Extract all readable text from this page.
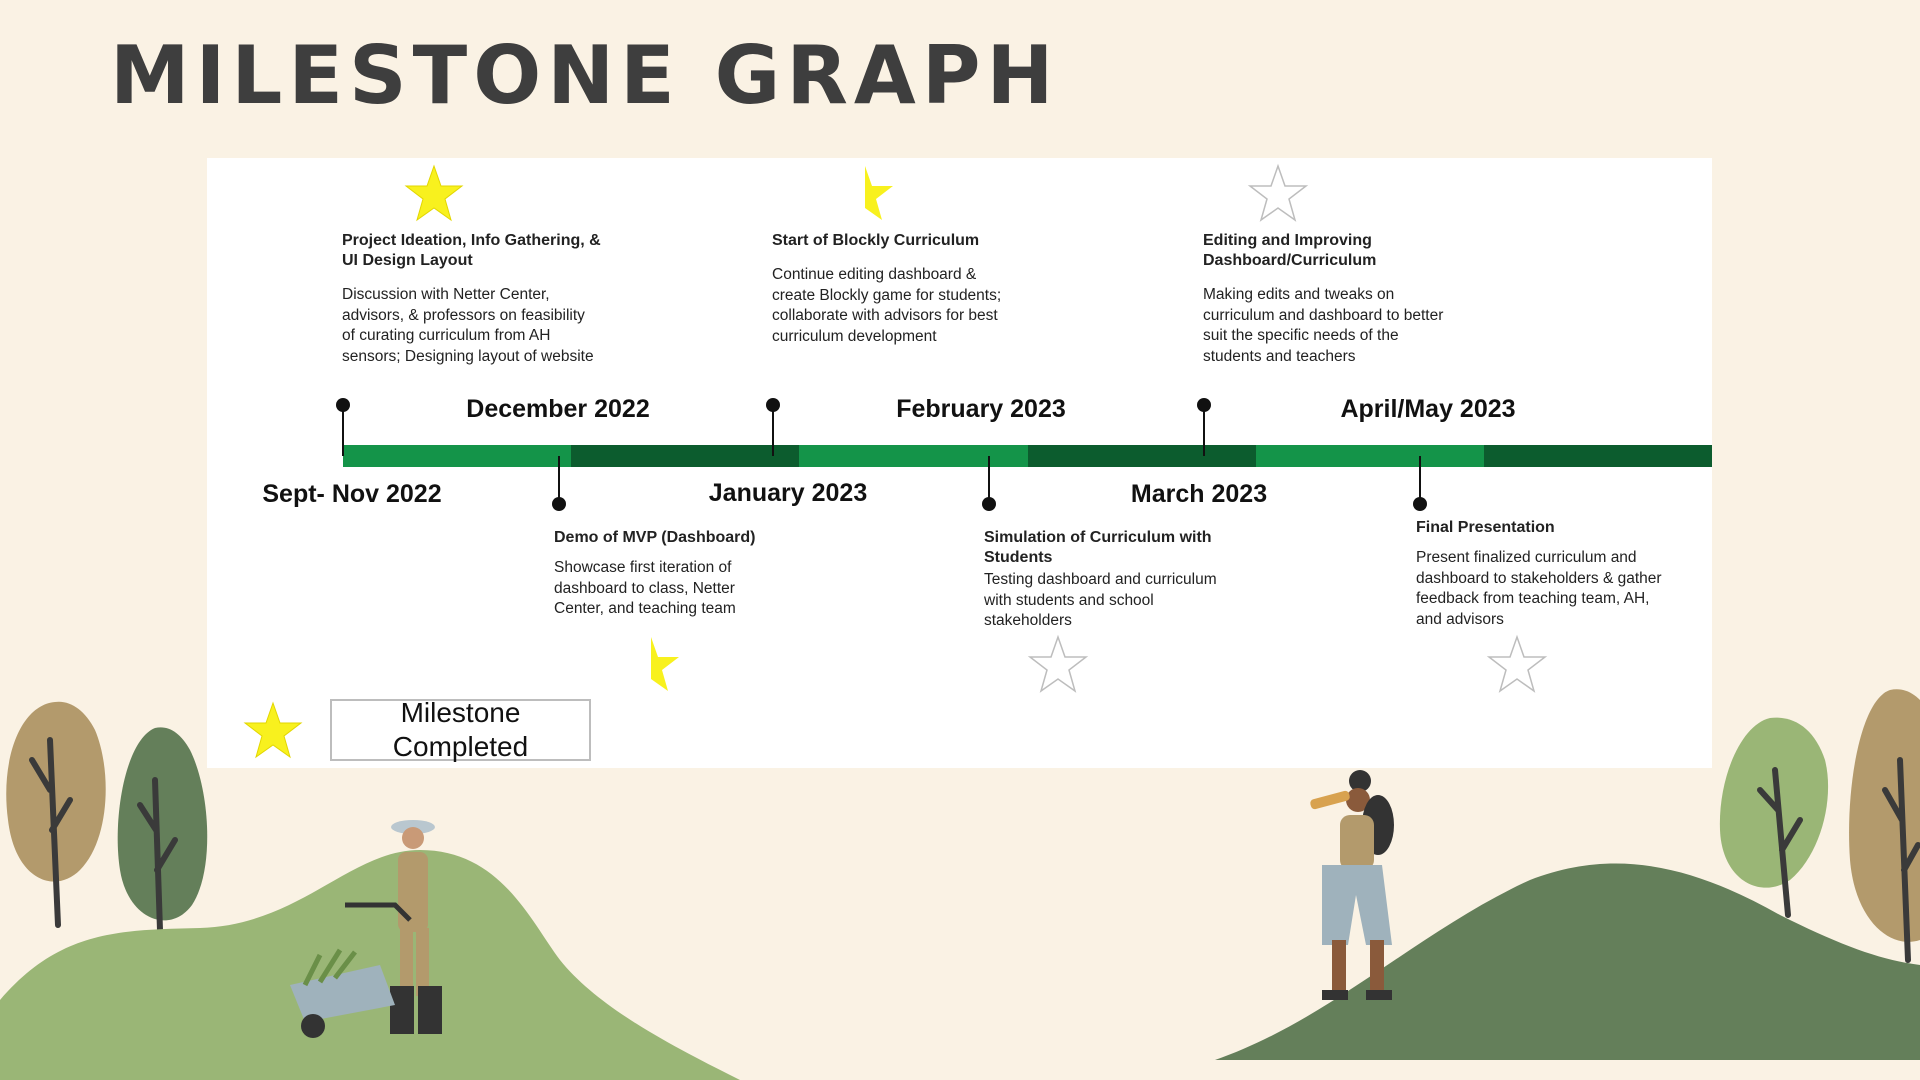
MILESTONE GRAPH
December 2022	February 2023	April/May 2023
Sept- Nov 2022	January 2023	March 2023
Project Ideation, Info Gathering, & UI Design Layout

Discussion with Netter Center, advisors, & professors on feasibility of curating curriculum from AH sensors; Designing layout of website

Start of Blockly Curriculum

Continue editing dashboard & create Blockly game for students; collaborate with advisors for best curriculum development

Editing and Improving Dashboard/Curriculum

Making edits and tweaks on curriculum and dashboard to better suit the specific needs of the students and teachers

Demo of MVP (Dashboard)

Showcase first iteration of dashboard to class, Netter Center, and teaching team

Simulation of Curriculum with Students

Testing dashboard and curriculum with students and school stakeholders

Final Presentation

Present finalized curriculum and dashboard to stakeholders & gather feedback from teaching team, AH, and advisors

Milestone Completed
